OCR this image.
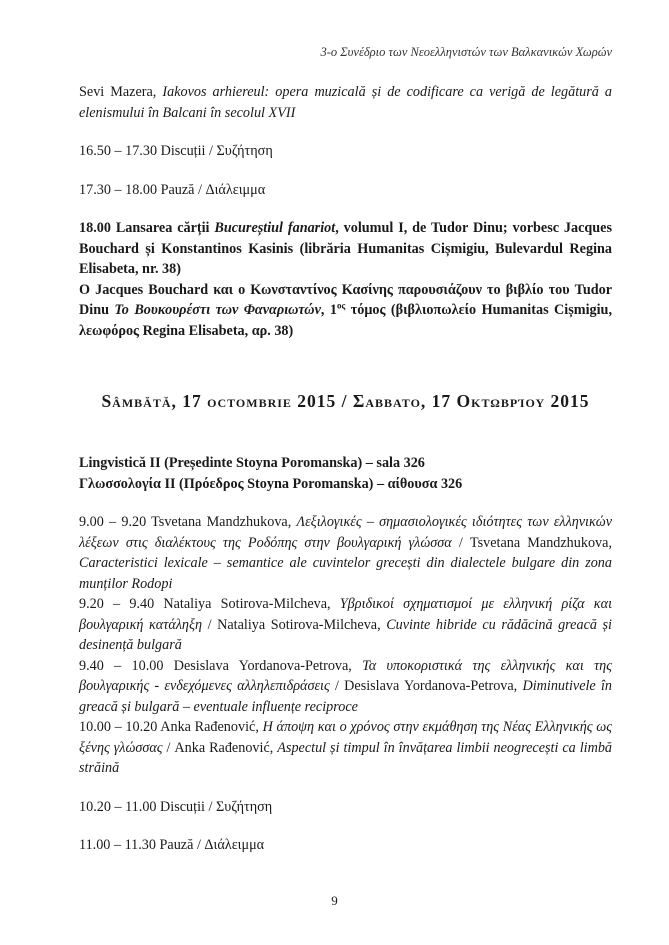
3-ο Συνέδριο των Νεοελληνιστών των Βαλκανικών Χωρών

Sevi Mazera, Iakovos arhiereul: opera muzicală și de codificare ca verigă de legătură a elenismului în Balcani în secolul XVII

16.50 – 17.30 Discuții / Συζήτηση

17.30 – 18.00 Pauză / Διάλειμμα

18.00 Lansarea cărții Bucureștiul fanariot, volumul I, de Tudor Dinu; vorbesc Jacques Bouchard și Konstantinos Kasinis (librăria Humanitas Cișmigiu, Bulevardul Regina Elisabeta, nr. 38)

Ο Jacques Bouchard και ο Κωνσταντίνος Κασίνης παρουσιάζουν το βιβλίο του Tudor Dinu Το Βουκουρέστι των Φαναριωτών, $1^{o\varsigma}$ τόμος (βιβλιοπωλείο Humanitas Cișmigiu, λεωφόρος Regina Elisabeta, αρ. 38)

Sâmbătă, 17 octombrie 2015 / Σabbato, 17 Οκτωβρίου 2015

Lingvistică II (Președinte Stoyna Poromanska) – sala 326

Γλωσσολογία II (Πρόεδρος Stoyna Poromanska) – αίθουσα 326

9.00 – 9.20 Tsvetana Mandzhukova, Λεξιλογικές – σημασιολογικές ιδιότητες των ελληνικών λέξεων στις διαλέκτους της Ροδόπης στην βουλγαρική γλώσσα / Tsvetana Mandzhukova, Caracteristici lexicale – semantice ale cuvintelor grecești din dialectele bulgare din zona munților Rodopi

9.20 – 9.40 Nataliya Sotirova-Milcheva, Υβριδικοί σχηματισμοί με ελληνική ρίζα και βουλγαρική κατάληξη / Nataliya Sotirova-Milcheva, Cuvinte hibride cu rădăcină greacă și desinență bulgară

9.40 – 10.00 Desislava Yordanova-Petrova, Τα υποκοριστικά της ελληνικής και της βουλγαρικής - ενδεχόμενες αλληλεπιδράσεις / Desislava Yordanova-Petrova, Diminutivele în greacă și bulgară – eventuale influențe reciproce

10.00 – 10.20 Anka Rađenović, Η άποψη και ο χρόνος στην εκμάθηση της Νέας Ελληνικής ως ξένης γλώσσας / Anka Rađenović, Aspectul și timpul în învățarea limbii neogrecești ca limbă străină

10.20 – 11.00 Discuții / Συζήτηση

11.00 – 11.30 Pauză / Διάλειμμα

9
